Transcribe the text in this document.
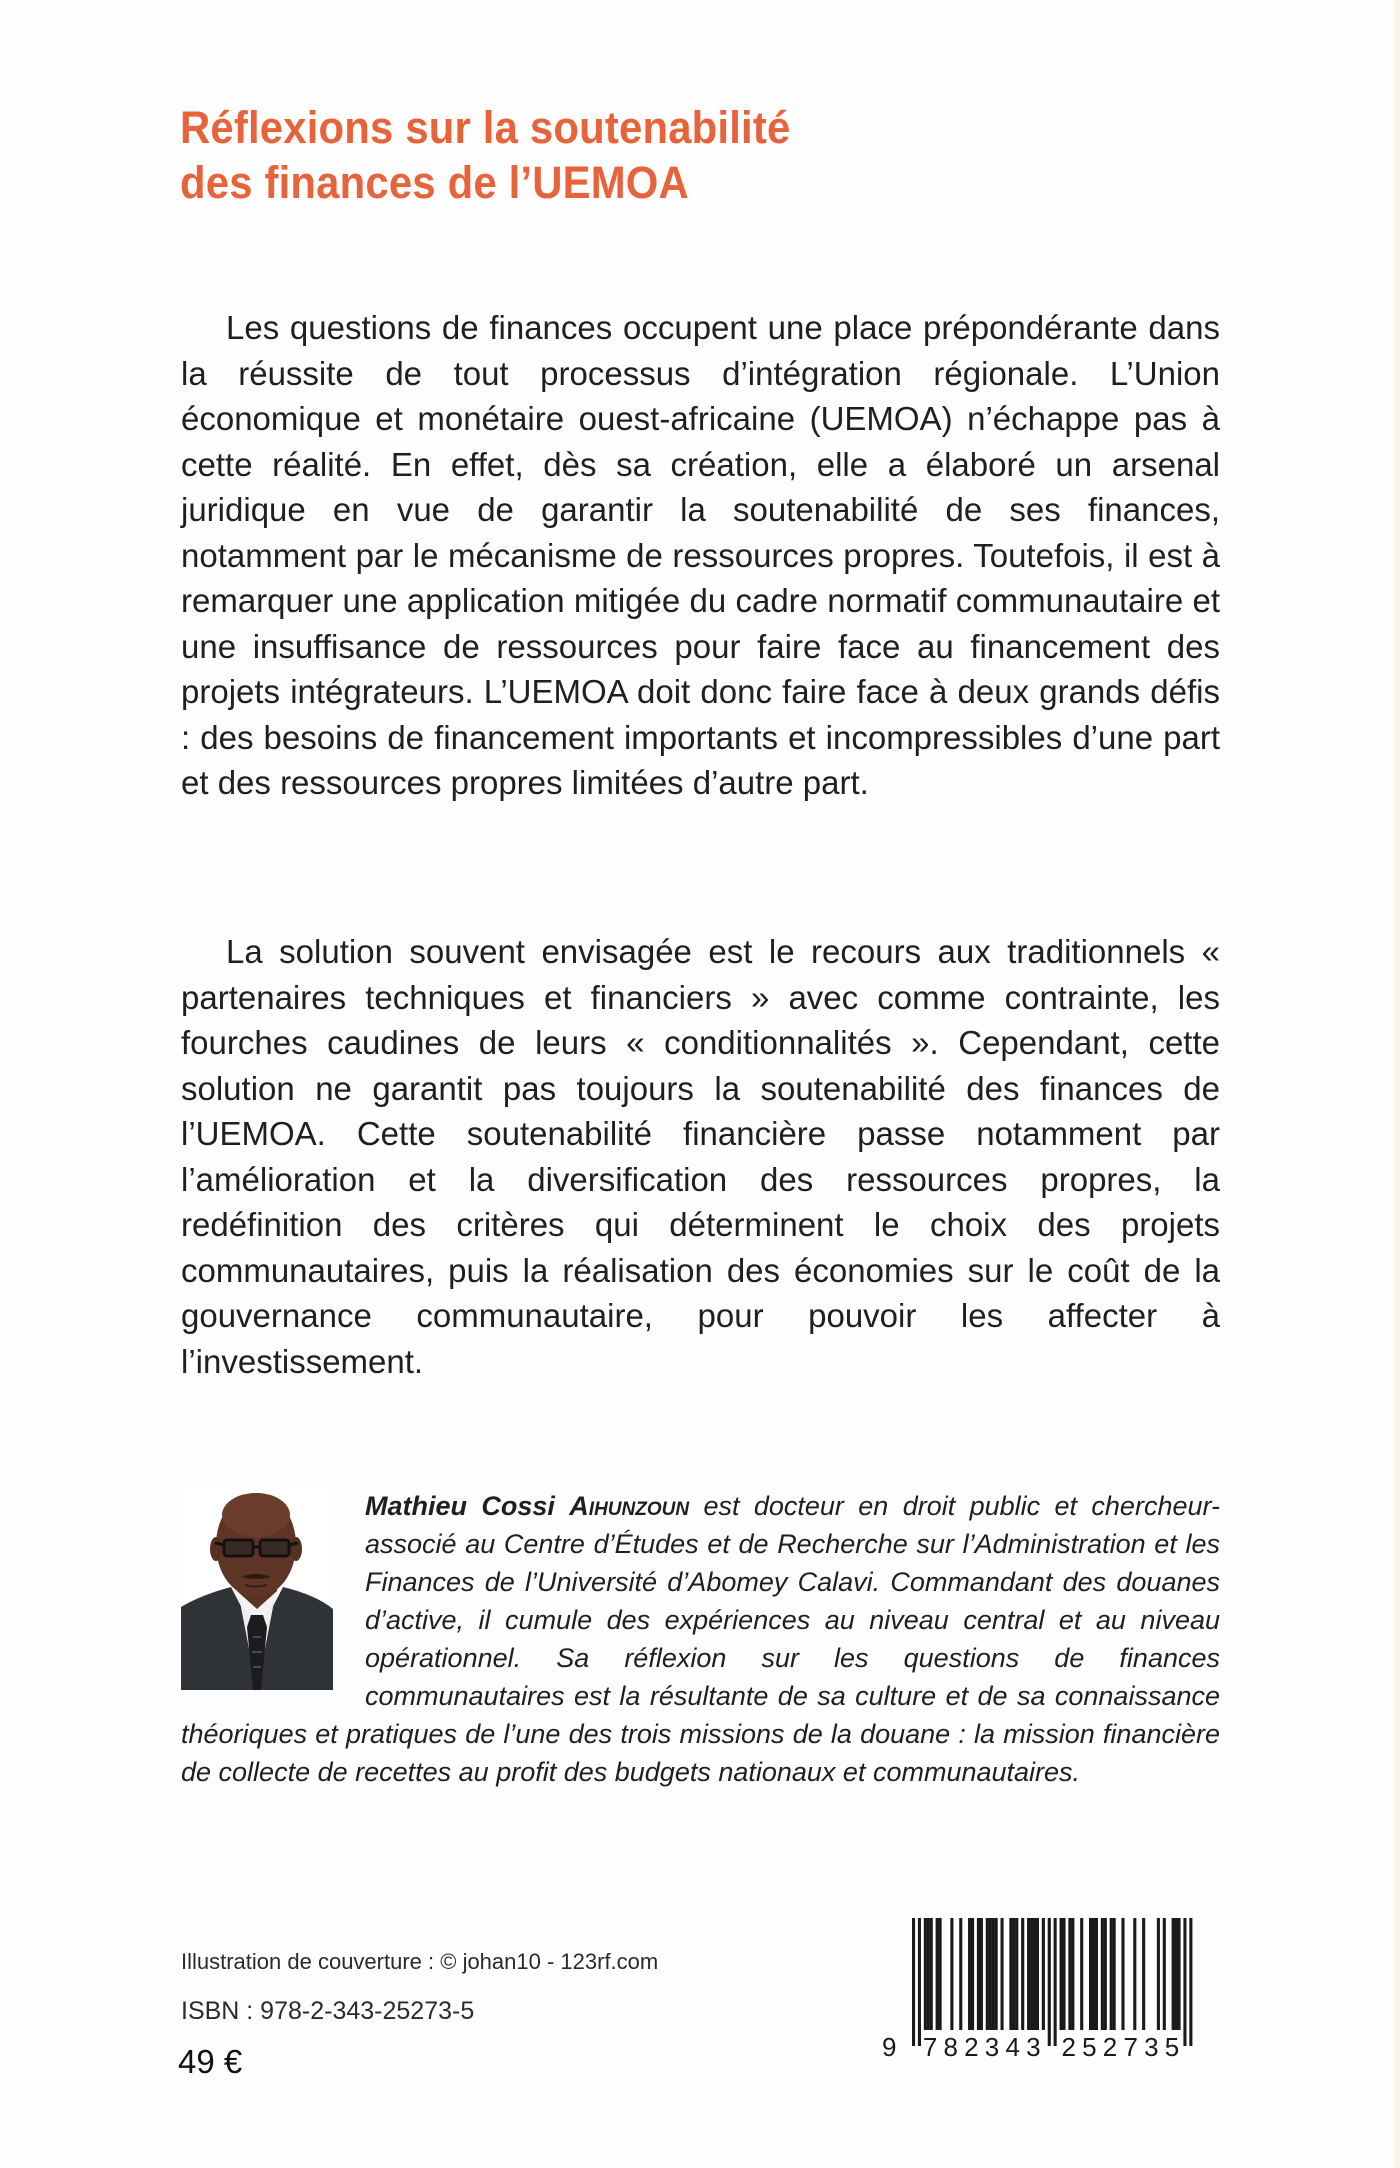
Réflexions sur la soutenabilité
des finances de l’UEMOA

Les questions de finances occupent une place prépondérante dans la réussite de tout processus d’intégration régionale. L’Union économique et monétaire ouest-africaine (UEMOA) n’échappe pas à cette réalité. En effet, dès sa création, elle a élaboré un arsenal juridique en vue de garantir la soutenabilité de ses finances, notamment par le mécanisme de ressources propres. Toutefois, il est à remarquer une application mitigée du cadre normatif communautaire et une insuffisance de ressources pour faire face au financement des projets intégrateurs. L’UEMOA doit donc faire face à deux grands défis : des besoins de financement importants et incompressibles d’une part et des ressources propres limitées d’autre part.

La solution souvent envisagée est le recours aux traditionnels « partenaires techniques et financiers » avec comme contrainte, les fourches caudines de leurs « conditionnalités ». Cependant, cette solution ne garantit pas toujours la soutenabilité des finances de l’UEMOA. Cette soutenabilité financière passe notamment par l’amélioration et la diversification des ressources propres, la redéfinition des critères qui déterminent le choix des projets communautaires, puis la réalisation des économies sur le coût de la gouvernance communautaire, pour pouvoir les affecter à l’investissement.

Mathieu Cossi Aihunzoun est docteur en droit public et chercheur-associé au Centre d’Études et de Recherche sur l’Administration et les Finances de l’Université d’Abomey Calavi. Commandant des douanes d’active, il cumule des expériences au niveau central et au niveau opérationnel. Sa réflexion sur les questions de finances communautaires est la résultante de sa culture et de sa connaissance théoriques et pratiques de l’une des trois missions de la douane : la mission financière de collecte de recettes au profit des budgets nationaux et communautaires.
Illustration de couverture : © johan10 - 123rf.com
ISBN : 978-2-343-25273-5
49 €	9 7 8 2 3 4 3 2 5 2 7 3 5
